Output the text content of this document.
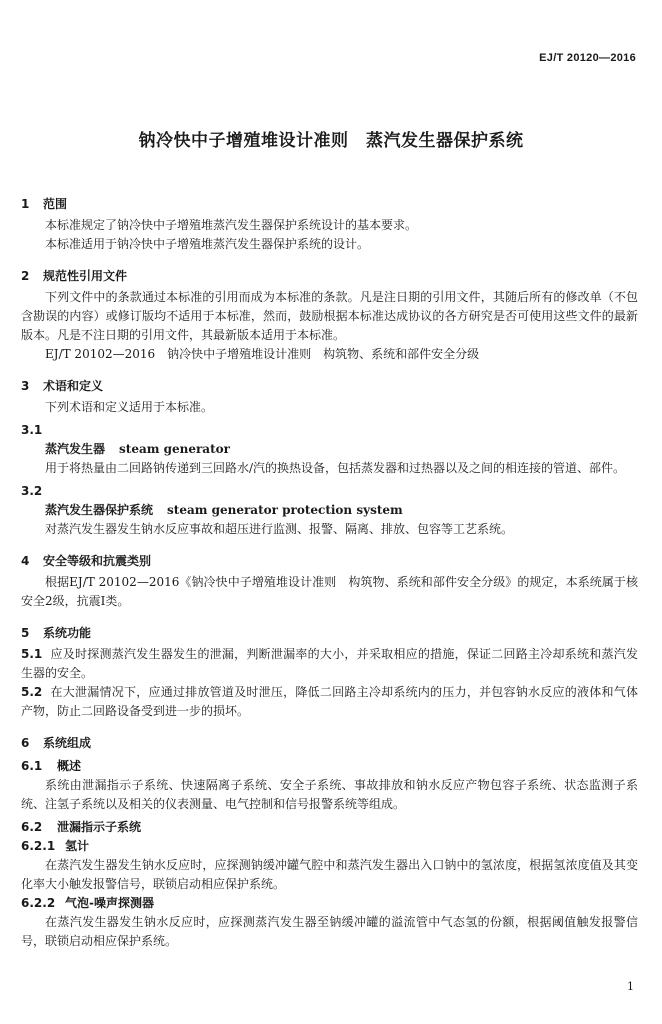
EJ/T 20120—2016
钠冷快中子增殖堆设计准则　蒸汽发生器保护系统
1 范围

本标准规定了钠冷快中子增殖堆蒸汽发生器保护系统设计的基本要求。

本标准适用于钠冷快中子增殖堆蒸汽发生器保护系统的设计。

2 规范性引用文件

下列文件中的条款通过本标准的引用而成为本标准的条款。凡是注日期的引用文件，其随后所有的修改单（不包含勘误的内容）或修订版均不适用于本标准，然而，鼓励根据本标准达成协议的各方研究是否可使用这些文件的最新版本。凡是不注日期的引用文件，其最新版本适用于本标准。

EJ/T 20102—2016　钠冷快中子增殖堆设计准则　构筑物、系统和部件安全分级

3 术语和定义

下列术语和定义适用于本标准。

3.1
蒸汽发生器 steam generator

用于将热量由二回路钠传递到三回路水/汽的换热设备，包括蒸发器和过热器以及之间的相连接的管道、部件。

3.2
蒸汽发生器保护系统 steam generator protection system

对蒸汽发生器发生钠水反应事故和超压进行监测、报警、隔离、排放、包容等工艺系统。

4 安全等级和抗震类别

根据EJ/T 20102—2016《钠冷快中子增殖堆设计准则　构筑物、系统和部件安全分级》的规定，本系统属于核安全2级，抗震I类。

5 系统功能

5.1 应及时探测蒸汽发生器发生的泄漏，判断泄漏率的大小，并采取相应的措施，保证二回路主冷却系统和蒸汽发生器的安全。

5.2 在大泄漏情况下，应通过排放管道及时泄压，降低二回路主冷却系统内的压力，并包容钠水反应的液体和气体产物，防止二回路设备受到进一步的损坏。

6 系统组成
6.1 概述

系统由泄漏指示子系统、快速隔离子系统、安全子系统、事故排放和钠水反应产物包容子系统、状态监测子系统、注氢子系统以及相关的仪表测量、电气控制和信号报警系统等组成。

6.2 泄漏指示子系统
6.2.1 氢计

在蒸汽发生器发生钠水反应时，应探测钠缓冲罐气腔中和蒸汽发生器出入口钠中的氢浓度，根据氢浓度值及其变化率大小触发报警信号，联锁启动相应保护系统。

6.2.2 气泡-噪声探测器

在蒸汽发生器发生钠水反应时，应探测蒸汽发生器至钠缓冲罐的溢流管中气态氢的份额，根据阈值触发报警信号，联锁启动相应保护系统。

1
